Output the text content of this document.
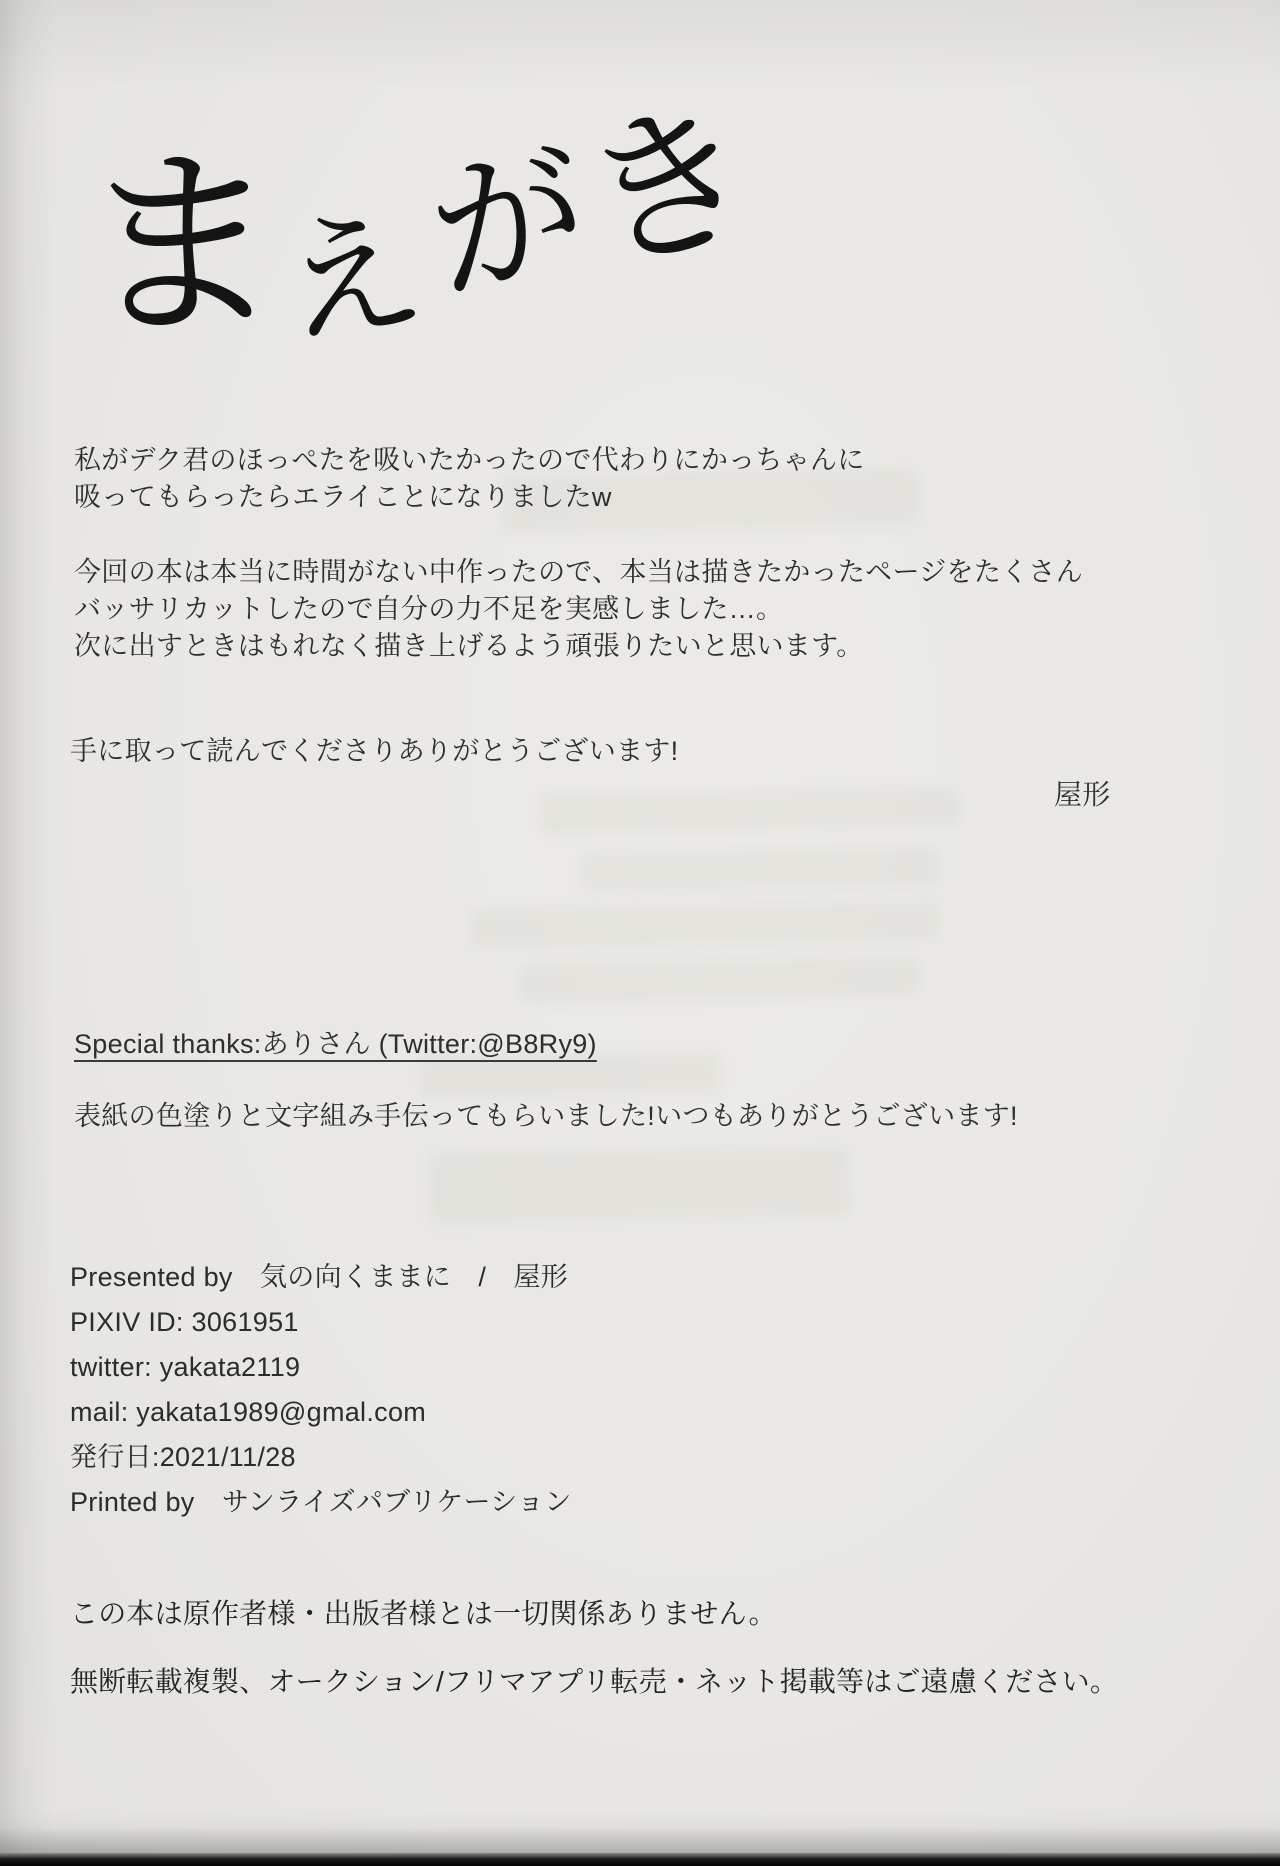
まえがき
私がデク君のほっぺたを吸いたかったので代わりにかっちゃんに
吸ってもらったらエライことになりましたw
今回の本は本当に時間がない中作ったので、本当は描きたかったページをたくさん
バッサリカットしたので自分の力不足を実感しました…。
次に出すときはもれなく描き上げるよう頑張りたいと思います。
手に取って読んでくださりありがとうございます!
屋形
Special thanks:ありさん (Twitter:@B8Ry9)
表紙の色塗りと文字組み手伝ってもらいました!いつもありがとうございます!
Presented by　気の向くままに　/　屋形
PIXIV ID: 3061951
twitter: yakata2119
mail: yakata1989@gmal.com
発行日:2021/11/28
Printed by　サンライズパブリケーション
この本は原作者様・出版者様とは一切関係ありません。
無断転載複製、オークション/フリマアプリ転売・ネット掲載等はご遠慮ください。
